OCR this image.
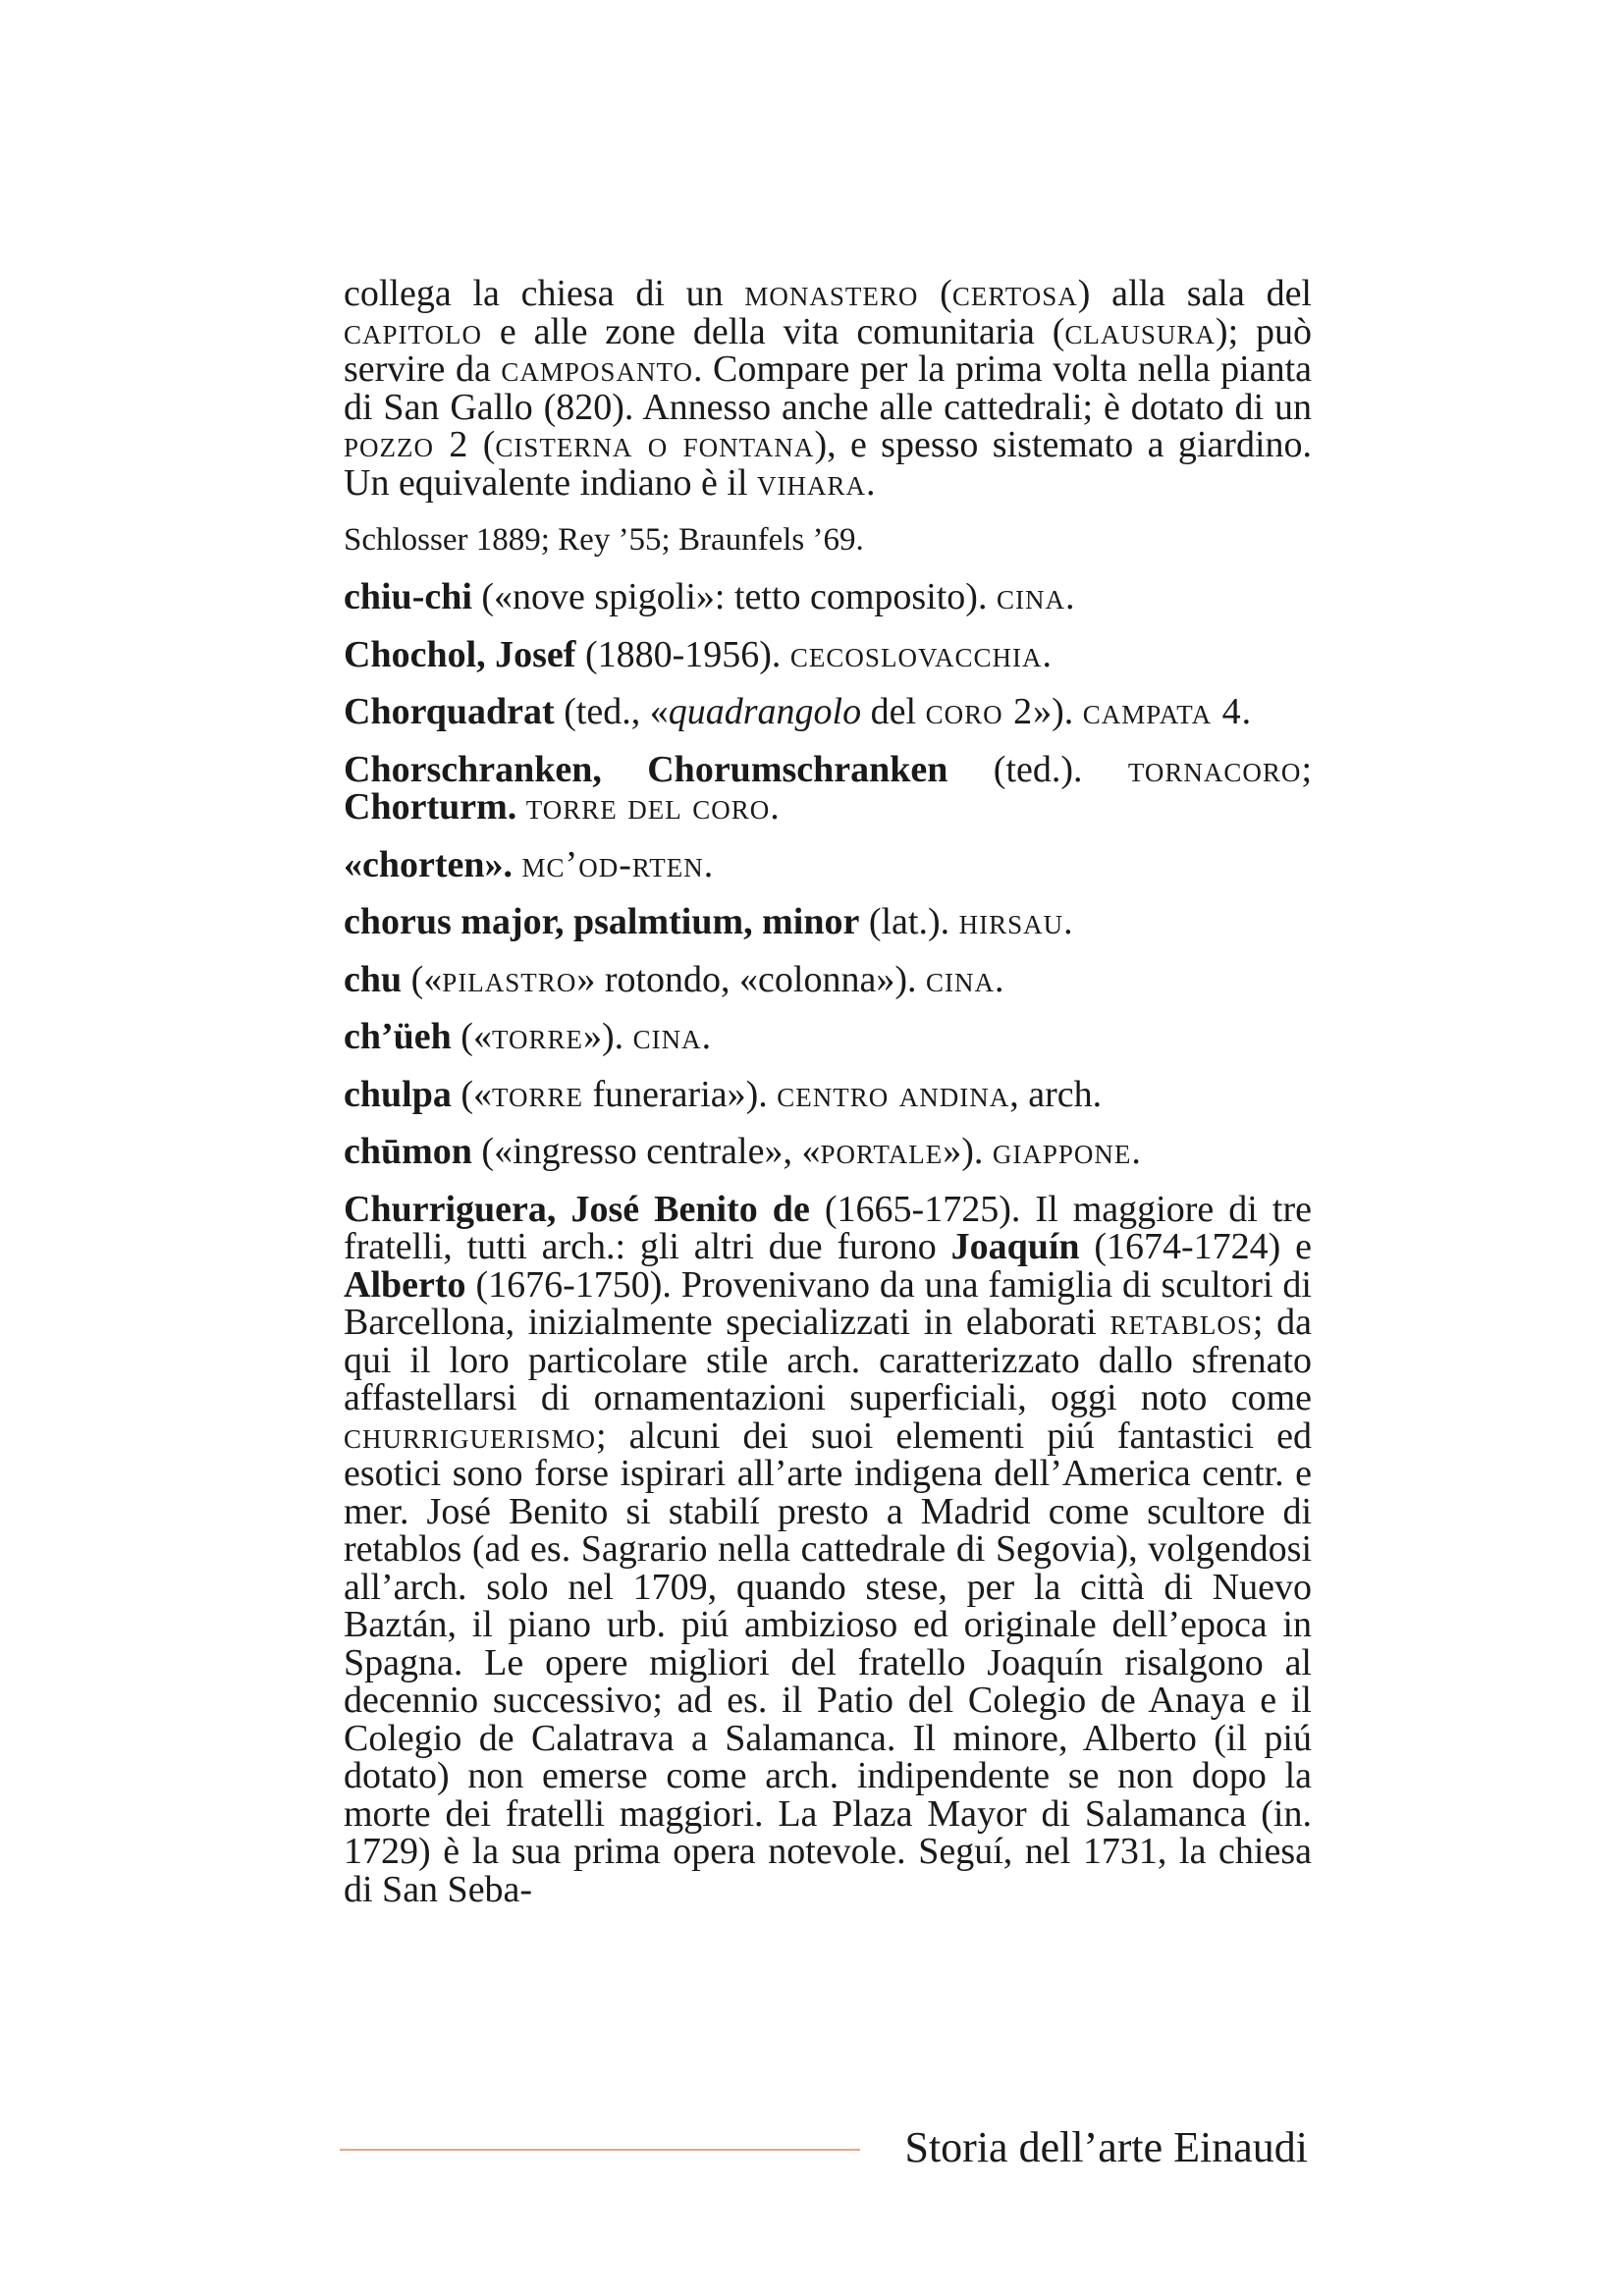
collega la chiesa di un monastero (certosa) alla sala del capitolo e alle zone della vita comunitaria (clausura); può servire da camposanto. Compare per la prima volta nella pianta di San Gallo (820). Annesso anche alle cattedrali; è dotato di un pozzo 2 (cisterna o fontana), e spesso sistemato a giardino. Un equivalente indiano è il vihara.

Schlosser 1889; Rey ’55; Braunfels ’69.

chiu-chi («nove spigoli»: tetto composito). cina.

Chochol, Josef (1880-1956). cecoslovacchia.

Chorquadrat (ted., «quadrangolo del coro 2»). campata 4.

Chorschranken, Chorumschranken (ted.). tornacoro; Chorturm. torre del coro.

«chorten». mc’od-rten.

chorus major, psalmtium, minor (lat.). hirsau.

chu («pilastro» rotondo, «colonna»). cina.

ch’üeh («torre»). cina.

chulpa («torre funeraria»). centro andina, arch.

chūmon («ingresso centrale», «portale»). giappone.

Churriguera, José Benito de (1665-1725). Il maggiore di tre fratelli, tutti arch.: gli altri due furono Joaquín (1674-1724) e Alberto (1676-1750). Provenivano da una famiglia di scultori di Barcellona, inizialmente specializzati in elaborati retablos; da qui il loro particolare stile arch. caratterizzato dallo sfrenato affastellarsi di ornamentazioni superficiali, oggi noto come churriguerismo; alcuni dei suoi elementi piú fantastici ed esotici sono forse ispirari all’arte indigena dell’America centr. e mer. José Benito si stabilí presto a Madrid come scultore di retablos (ad es. Sagrario nella cattedrale di Segovia), volgendosi all’arch. solo nel 1709, quando stese, per la città di Nuevo Baztán, il piano urb. piú ambizioso ed originale dell’epoca in Spagna. Le opere migliori del fratello Joaquín risalgono al decennio successivo; ad es. il Patio del Colegio de Anaya e il Colegio de Calatrava a Salamanca. Il minore, Alberto (il piú dotato) non emerse come arch. indipendente se non dopo la morte dei fratelli maggiori. La Plaza Mayor di Salamanca (in. 1729) è la sua prima opera notevole. Seguí, nel 1731, la chiesa di San Seba-

Storia dell’arte Einaudi
